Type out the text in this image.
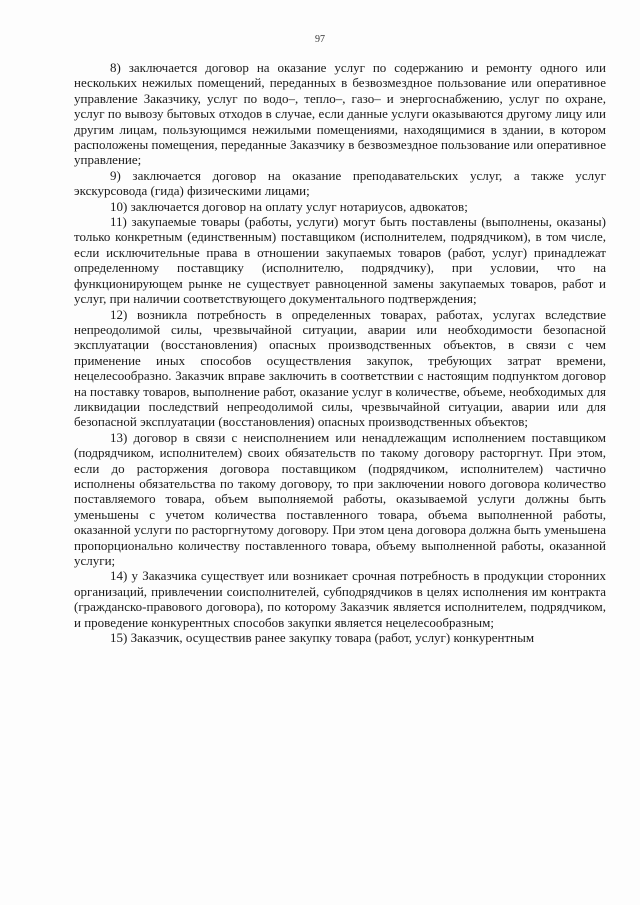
97

8) заключается договор на оказание услуг по содержанию и ремонту одного или нескольких нежилых помещений, переданных в безвозмездное пользование или оперативное управление Заказчику, услуг по водо–, тепло–, газо– и энергоснабжению, услуг по охране, услуг по вывозу бытовых отходов в случае, если данные услуги оказываются другому лицу или другим лицам, пользующимся нежилыми помещениями, находящимися в здании, в котором расположены помещения, переданные Заказчику в безвозмездное пользование или оперативное управление;

9) заключается договор на оказание преподавательских услуг, а также услуг экскурсовода (гида) физическими лицами;

10) заключается договор на оплату услуг нотариусов, адвокатов;

11) закупаемые товары (работы, услуги) могут быть поставлены (выполнены, оказаны) только конкретным (единственным) поставщиком (исполнителем, подрядчиком), в том числе, если исключительные права в отношении закупаемых товаров (работ, услуг) принадлежат определенному поставщику (исполнителю, подрядчику), при условии, что на функционирующем рынке не существует равноценной замены закупаемых товаров, работ и услуг, при наличии соответствующего документального подтверждения;

12) возникла потребность в определенных товарах, работах, услугах вследствие непреодолимой силы, чрезвычайной ситуации, аварии или необходимости безопасной эксплуатации (восстановления) опасных производственных объектов, в связи с чем применение иных способов осуществления закупок, требующих затрат времени, нецелесообразно. Заказчик вправе заключить в соответствии с настоящим подпунктом договор на поставку товаров, выполнение работ, оказание услуг в количестве, объеме, необходимых для ликвидации последствий непреодолимой силы, чрезвычайной ситуации, аварии или для безопасной эксплуатации (восстановления) опасных производственных объектов;

13) договор в связи с неисполнением или ненадлежащим исполнением поставщиком (подрядчиком, исполнителем) своих обязательств по такому договору расторгнут. При этом, если до расторжения договора поставщиком (подрядчиком, исполнителем) частично исполнены обязательства по такому договору, то при заключении нового договора количество поставляемого товара, объем выполняемой работы, оказываемой услуги должны быть уменьшены с учетом количества поставленного товара, объема выполненной работы, оказанной услуги по расторгнутому договору. При этом цена договора должна быть уменьшена пропорционально количеству поставленного товара, объему выполненной работы, оказанной услуги;

14) у Заказчика существует или возникает срочная потребность в продукции сторонних организаций, привлечении соисполнителей, субподрядчиков в целях исполнения им контракта (гражданско-правового договора), по которому Заказчик является исполнителем, подрядчиком, и проведение конкурентных способов закупки является нецелесообразным;

15) Заказчик, осуществив ранее закупку товара (работ, услуг) конкурентным
